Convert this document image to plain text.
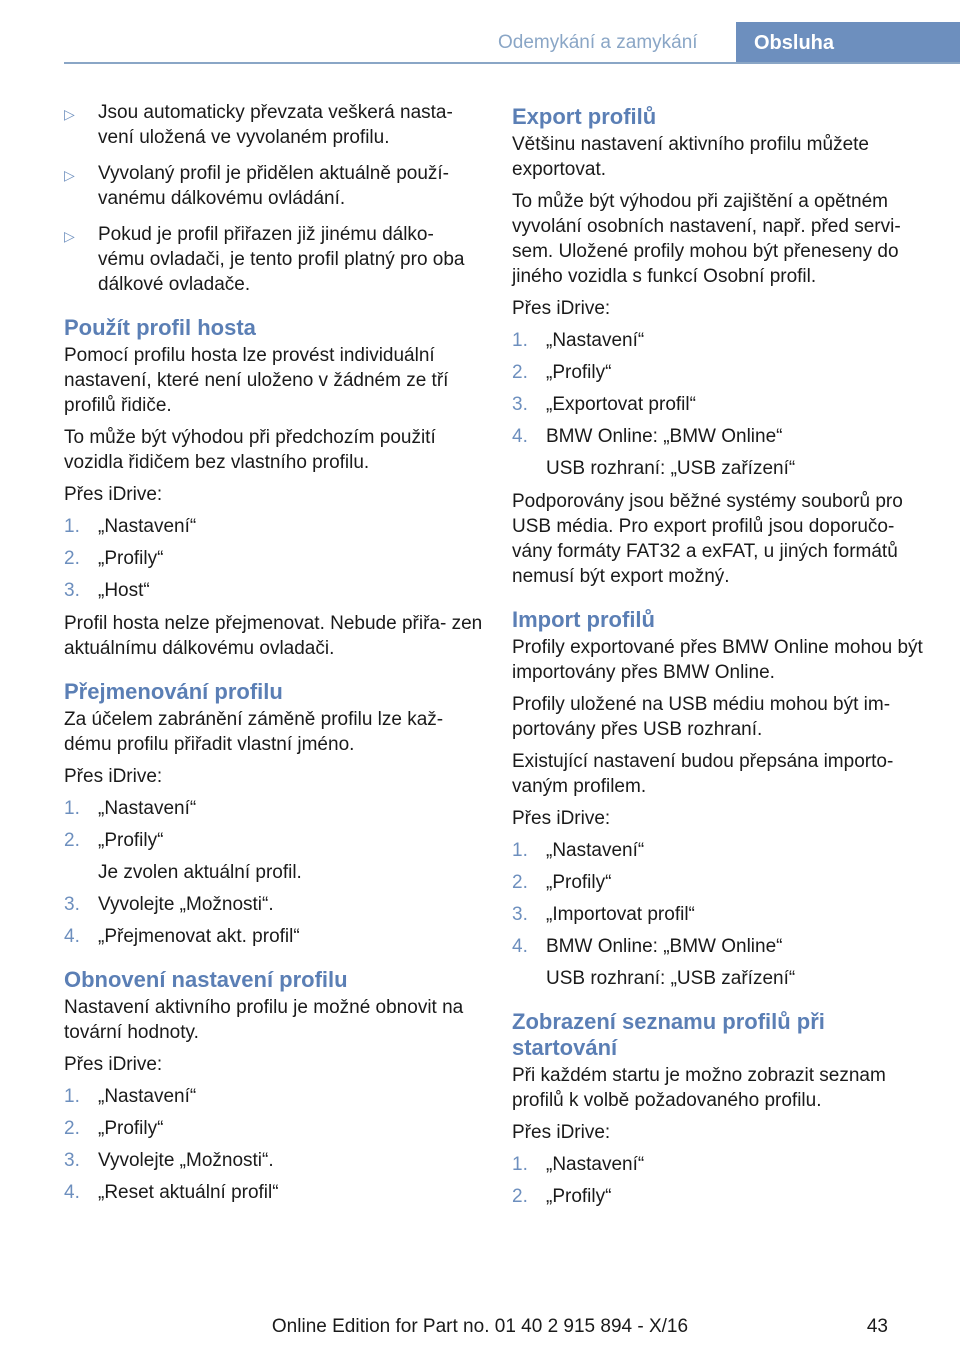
Odemykání a zamykání	Obsluha
▷	Jsou automaticky převzata veškerá nasta‐ vení uložená ve vyvolaném profilu.
▷	Vyvolaný profil je přidělen aktuálně použí‐ vanému dálkovému ovládání.
▷	Pokud je profil přiřazen již jinému dálko‐ vému ovladači, je tento profil platný pro oba dálkové ovladače.
Použít profil hosta

Pomocí profilu hosta lze provést individuální nastavení, které není uloženo v žádném ze tří profilů řidiče.

To může být výhodou při předchozím použití vozidla řidičem bez vlastního profilu.

Přes iDrive:

1. „Nastavení“
2. „Profily“
3. „Host“

Profil hosta nelze přejmenovat. Nebude přiřa‐ zen aktuálnímu dálkovému ovladači.

Přejmenování profilu

Za účelem zabránění záměně profilu lze kaž‐ dému profilu přiřadit vlastní jméno.

Přes iDrive:

1. „Nastavení“
2. „Profily“
Je zvolen aktuální profil.
3. Vyvolejte „Možnosti“.
4. „Přejmenovat akt. profil“
Obnovení nastavení profilu

Nastavení aktivního profilu je možné obnovit na tovární hodnoty.

Přes iDrive:

1. „Nastavení“
2. „Profily“
3. Vyvolejte „Možnosti“.
4. „Reset aktuální profil“
Export profilů

Většinu nastavení aktivního profilu můžete exportovat.

To může být výhodou při zajištění a opětném vyvolání osobních nastavení, např. před servi‐ sem. Uložené profily mohou být přeneseny do jiného vozidla s funkcí Osobní profil.

Přes iDrive:

1. „Nastavení“
2. „Profily“
3. „Exportovat profil“
4. BMW Online: „BMW Online“
USB rozhraní: „USB zařízení“

Podporovány jsou běžné systémy souborů pro USB média. Pro export profilů jsou doporučo‐ vány formáty FAT32 a exFAT, u jiných formátů nemusí být export možný.

Import profilů

Profily exportované přes BMW Online mohou být importovány přes BMW Online.

Profily uložené na USB médiu mohou být im‐ portovány přes USB rozhraní.

Existující nastavení budou přepsána importo‐ vaným profilem.

Přes iDrive:

1. „Nastavení“
2. „Profily“
3. „Importovat profil“
4. BMW Online: „BMW Online“
USB rozhraní: „USB zařízení“
Zobrazení seznamu profilů při startování

Při každém startu je možno zobrazit seznam profilů k volbě požadovaného profilu.

Přes iDrive:

1. „Nastavení“
2. „Profily“
Online Edition for Part no. 01 40 2 915 894 - X/16	43
